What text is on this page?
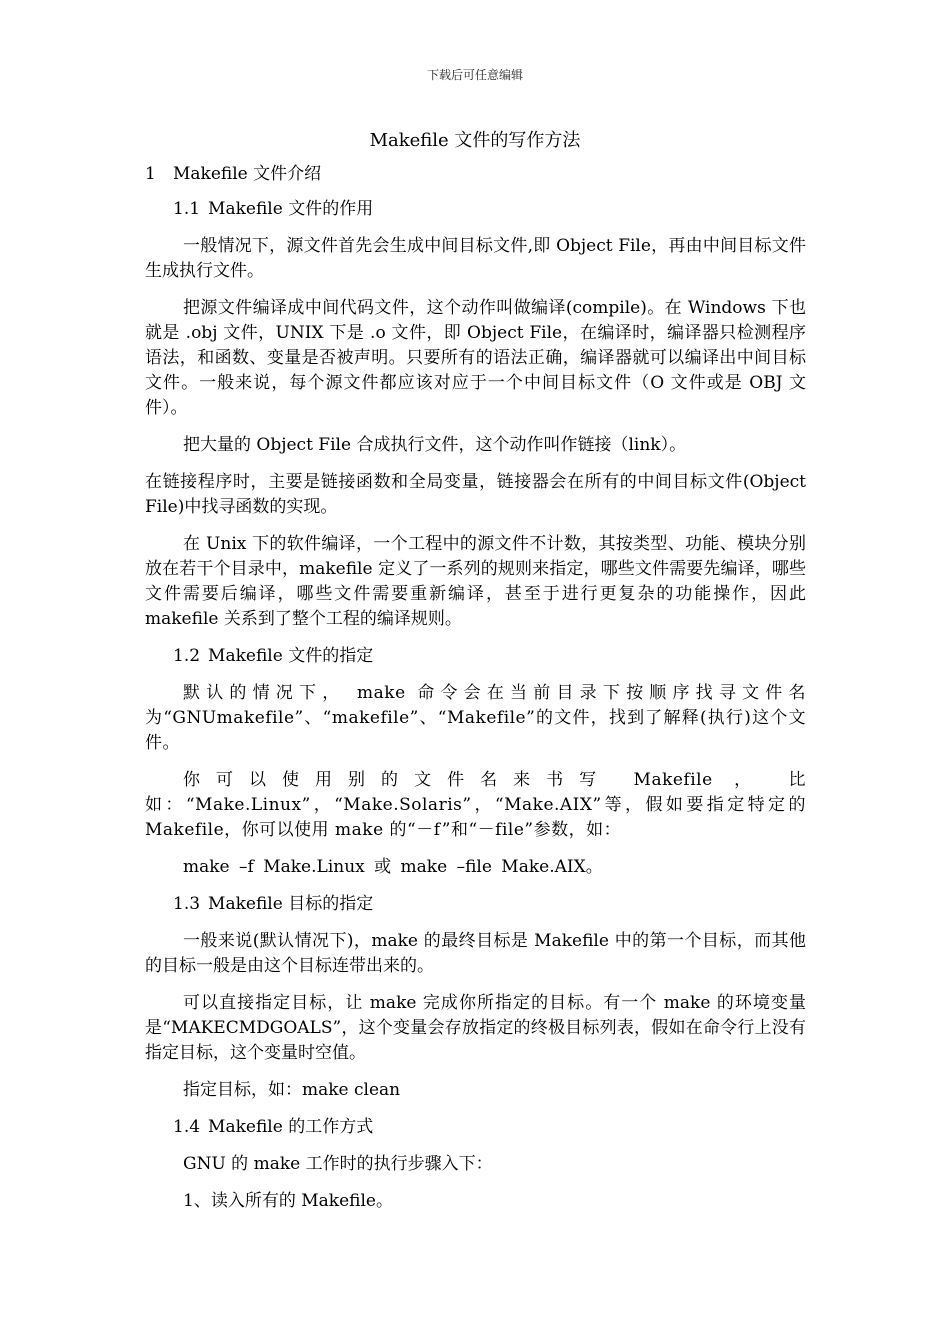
下载后可任意编辑
Makefile 文件的写作方法
1 Makefile 文件介绍
1.1 Makefile 文件的作用

一般情况下，源文件首先会生成中间目标文件,即 Object File，再由中间目标文件生成执行文件。

把源文件编译成中间代码文件，这个动作叫做编译(compile)。在 Windows 下也就是 .obj 文件，UNIX 下是 .o 文件，即 Object File，在编译时，编译器只检测程序语法，和函数、变量是否被声明。只要所有的语法正确，编译器就可以编译出中间目标文件。一般来说，每个源文件都应该对应于一个中间目标文件（O 文件或是 OBJ 文件）。

把大量的 Object File 合成执行文件，这个动作叫作链接（link）。

在链接程序时，主要是链接函数和全局变量，链接器会在所有的中间目标文件(Object File)中找寻函数的实现。

在 Unix 下的软件编译，一个工程中的源文件不计数，其按类型、功能、模块分别放在若干个目录中，makefile 定义了一系列的规则来指定，哪些文件需要先编译，哪些文件需要后编译，哪些文件需要重新编译，甚至于进行更复杂的功能操作，因此 makefile 关系到了整个工程的编译规则。

1.2 Makefile 文件的指定

默认的情况下， make 命令会在当前目录下按顺序找寻文件名为“GNUmakefile”、“makefile”、“Makefile”的文件，找到了解释(执行)这个文件。

你可以使用别的文件名来书写 Makefile ， 比如：“Make.Linux”，“Make.Solaris”，“Make.AIX”等，假如要指定特定的 Makefile，你可以使用 make 的“－f”和“－file”参数，如：

make –f Make.Linux 或 make –file Make.AIX。

1.3 Makefile 目标的指定

一般来说(默认情况下)，make 的最终目标是 Makefile 中的第一个目标，而其他的目标一般是由这个目标连带出来的。

可以直接指定目标，让 make 完成你所指定的目标。有一个 make 的环境变量是“MAKECMDGOALS”，这个变量会存放指定的终极目标列表，假如在命令行上没有指定目标，这个变量时空值。

指定目标，如：make clean

1.4 Makefile 的工作方式

GNU 的 make 工作时的执行步骤入下：

1、读入所有的 Makefile。
